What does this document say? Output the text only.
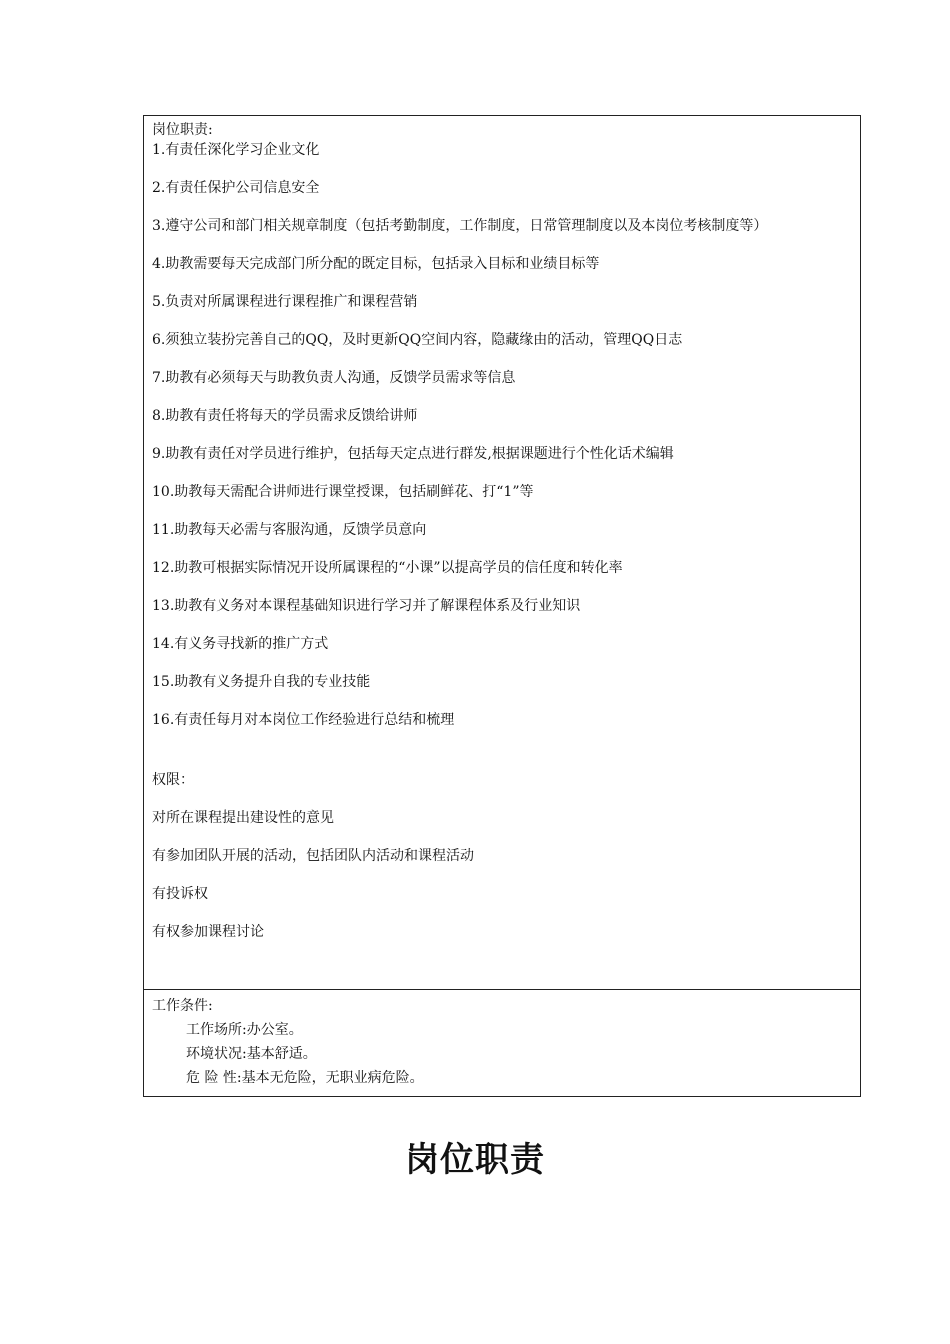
岗位职责:

1.有责任深化学习企业文化
2.有责任保护公司信息安全
3.遵守公司和部门相关规章制度（包括考勤制度，工作制度，日常管理制度以及本岗位考核制度等）
4.助教需要每天完成部门所分配的既定目标，包括录入目标和业绩目标等
5.负责对所属课程进行课程推广和课程营销
6.须独立装扮完善自己的QQ，及时更新QQ空间内容，隐藏缘由的活动，管理QQ日志
7.助教有必须每天与助教负责人沟通，反馈学员需求等信息
8.助教有责任将每天的学员需求反馈给讲师
9.助教有责任对学员进行维护，包括每天定点进行群发,根据课题进行个性化话术编辑
10.助教每天需配合讲师进行课堂授课，包括刷鲜花、打“1”等
11.助教每天必需与客服沟通，反馈学员意向
12.助教可根据实际情况开设所属课程的“小课”以提高学员的信任度和转化率
13.助教有义务对本课程基础知识进行学习并了解课程体系及行业知识
14.有义务寻找新的推广方式
15.助教有义务提升自我的专业技能
16.有责任每月对本岗位工作经验进行总结和梳理

权限：

对所在课程提出建设性的意见
有参加团队开展的活动，包括团队内活动和课程活动
有投诉权
有权参加课程讨论
工作条件:
工作场所:办公室。
环境状况:基本舒适。
危 险 性:基本无危险，无职业病危险。
岗位职责
